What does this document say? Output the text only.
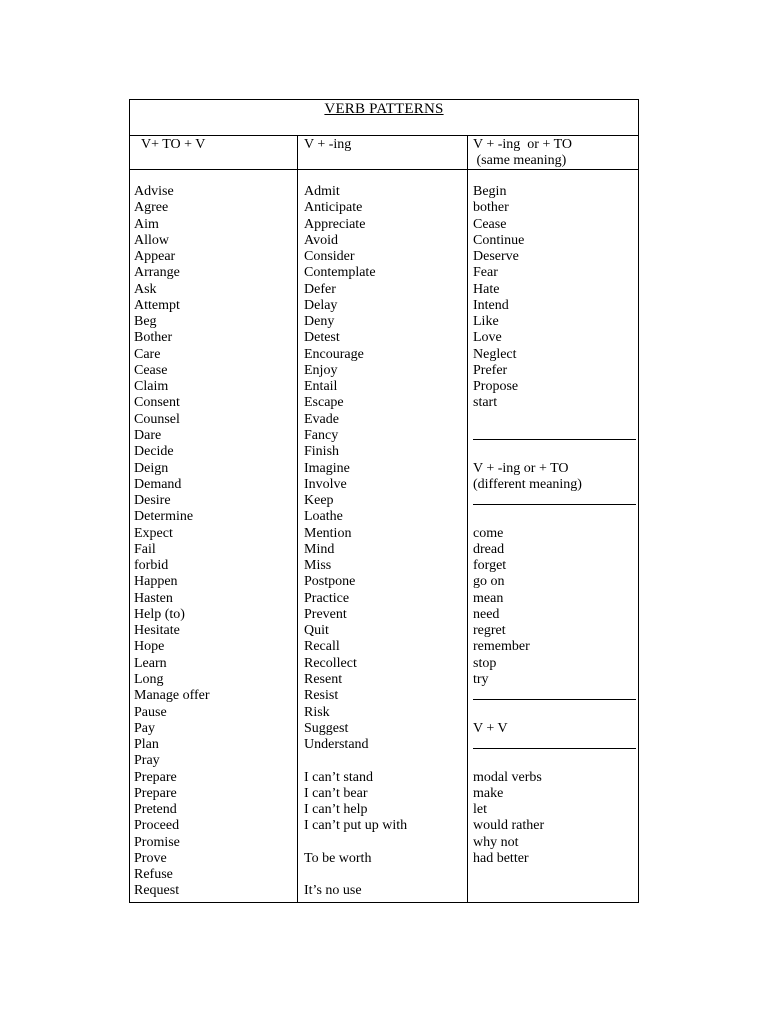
VERB PATTERNS
V+ TO + V	V + -ing	V + -ing  or + TO
(same meaning)
Advise
Agree
Aim
Allow
Appear
Arrange
Ask
Attempt
Beg
Bother
Care
Cease
Claim
Consent
Counsel
Dare
Decide
Deign
Demand
Desire
Determine
Expect
Fail
forbid
Happen
Hasten
Help (to)
Hesitate
Hope
Learn
Long
Manage offer
Pause
Pay
Plan
Pray
Prepare
Prepare
Pretend
Proceed
Promise
Prove
Refuse
Request
Admit
Anticipate
Appreciate
Avoid
Consider
Contemplate
Defer
Delay
Deny
Detest
Encourage
Enjoy
Entail
Escape
Evade
Fancy
Finish
Imagine
Involve
Keep
Loathe
Mention
Mind
Miss
Postpone
Practice
Prevent
Quit
Recall
Recollect
Resent
Resist
Risk
Suggest
Understand
I can’t stand
I can’t bear
I can’t help
I can’t put up with
To be worth
It’s no use
Begin
bother
Cease
Continue
Deserve
Fear
Hate
Intend
Like
Love
Neglect
Prefer
Propose
start
V + -ing or + TO
(different meaning)
come
dread
forget
go on
mean
need
regret
remember
stop
try
V + V
modal verbs
make
let
would rather
why not
had better
